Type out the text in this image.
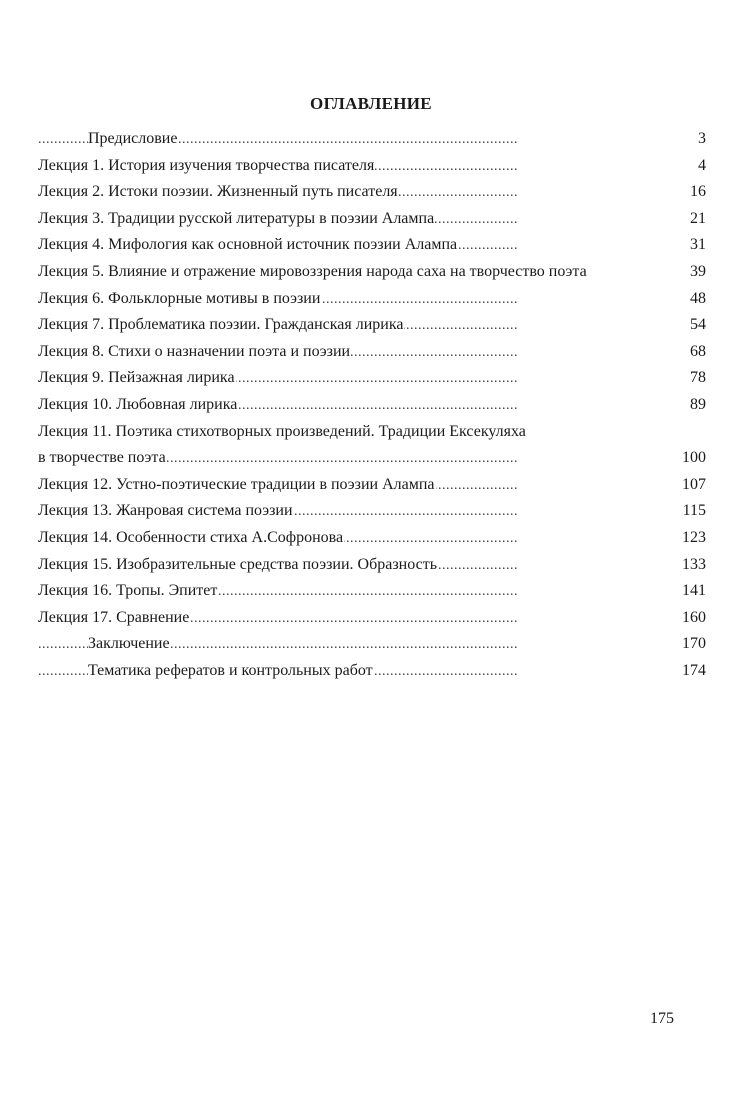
ОГЛАВЛЕНИЕ
. . .
Предисловие	3
. . .
Лекция 1. История изучения творчества писателя	4
. . .
Лекция 2. Истоки поэзии. Жизненный путь писателя	16
. . .
Лекция 3. Традиции русской литературы в поэзии Алампа	21
. . .
Лекция 4. Мифология как основной источник поэзии Алампа	31
. . .
Лекция 5. Влияние и отражение мировоззрения народа саха на творчество поэта	39
. . .
Лекция 6. Фольклорные мотивы в поэзии	48
. . .
Лекция 7. Проблематика поэзии. Гражданская лирика	54
. . .
Лекция 8. Стихи о назначении поэта и поэзии	68
. . .
Лекция 9. Пейзажная лирика	78
. . .
Лекция 10. Любовная лирика	89
Лекция 11. Поэтика стихотворных произведений. Традиции Ексекуляха
. . .
в творчестве поэта	100
. . .
Лекция 12. Устно-поэтические традиции в поэзии Алампа	107
. . .
Лекция 13. Жанровая система поэзии	115
. . .
Лекция 14. Особенности стиха А.Софронова	123
. . .
Лекция 15. Изобразительные средства поэзии. Образность	133
. . .
Лекция 16. Тропы. Эпитет	141
. . .
Лекция 17. Сравнение	160
. . .
Заключение	170
. . .
Тематика рефератов и контрольных работ	174
175
